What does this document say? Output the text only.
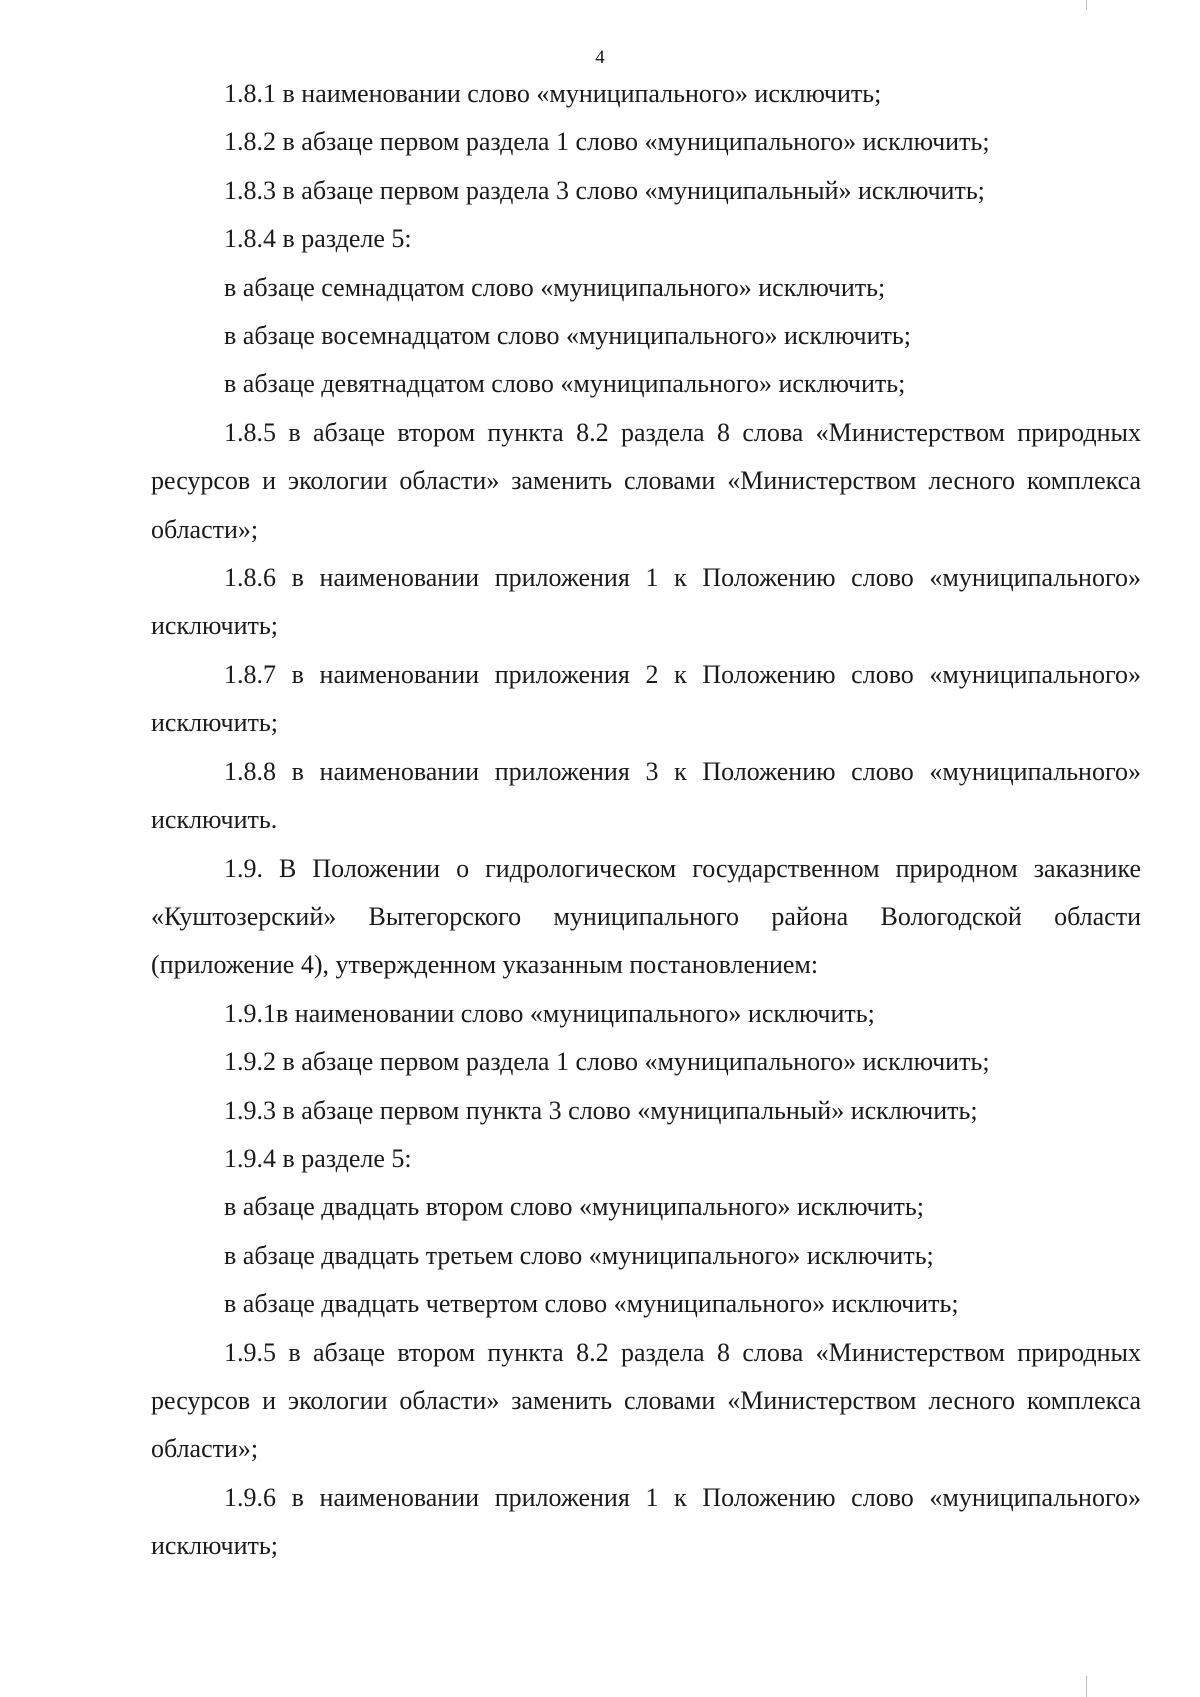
4

1.8.1 в наименовании слово «муниципального» исключить;

1.8.2 в абзаце первом раздела 1 слово «муниципального» исключить;

1.8.3 в абзаце первом раздела 3 слово «муниципальный» исключить;

1.8.4 в разделе 5:

в абзаце семнадцатом слово «муниципального» исключить;

в абзаце восемнадцатом слово «муниципального» исключить;

в абзаце девятнадцатом слово «муниципального» исключить;

1.8.5 в абзаце втором пункта 8.2 раздела 8 слова «Министерством природных ресурсов и экологии области» заменить словами «Министерством лесного комплекса области»;

1.8.6 в наименовании приложения 1 к Положению слово «муниципального» исключить;

1.8.7 в наименовании приложения 2 к Положению слово «муниципального» исключить;

1.8.8 в наименовании приложения 3 к Положению слово «муниципального» исключить.

1.9. В Положении о гидрологическом государственном природном заказнике «Куштозерский» Вытегорского муниципального района Вологодской области (приложение 4), утвержденном указанным постановлением:

1.9.1в наименовании слово «муниципального» исключить;

1.9.2 в абзаце первом раздела 1 слово «муниципального» исключить;

1.9.3 в абзаце первом пункта 3 слово «муниципальный» исключить;

1.9.4 в разделе 5:

в абзаце двадцать втором слово «муниципального» исключить;

в абзаце двадцать третьем слово «муниципального» исключить;

в абзаце двадцать четвертом слово «муниципального» исключить;

1.9.5 в абзаце втором пункта 8.2 раздела 8 слова «Министерством природных ресурсов и экологии области» заменить словами «Министерством лесного комплекса области»;

1.9.6 в наименовании приложения 1 к Положению слово «муниципального» исключить;
